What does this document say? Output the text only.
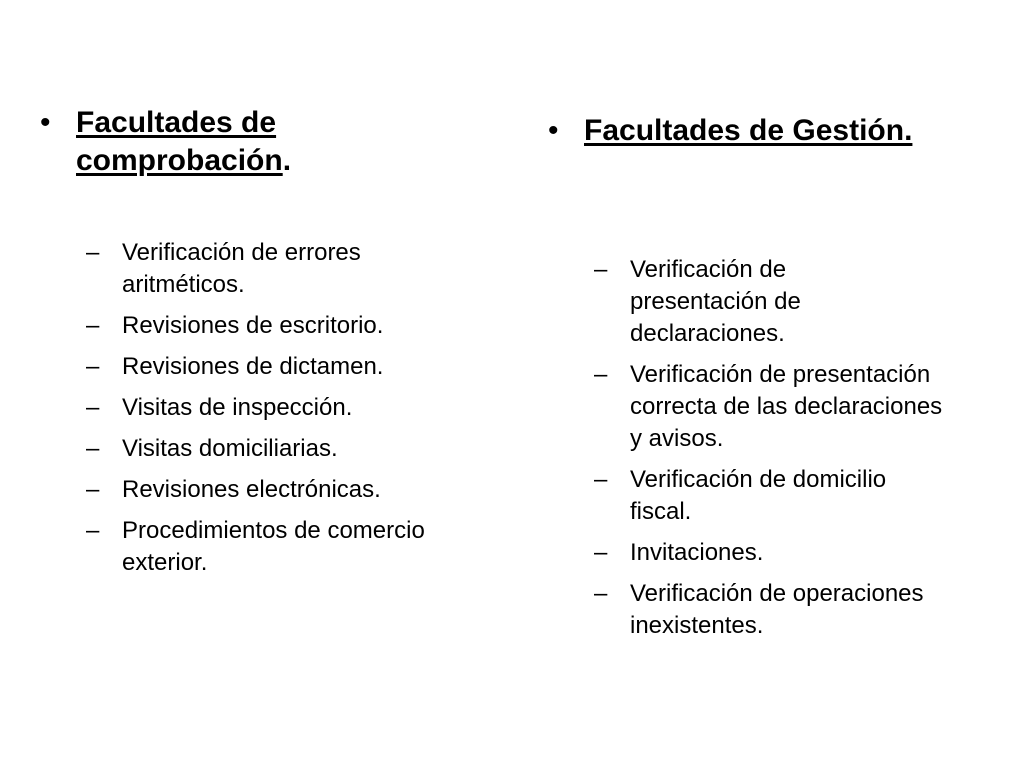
• Facultades de
comprobación.
– Verificación de errores aritméticos.
– Revisiones de escritorio.
– Revisiones de dictamen.
– Visitas de inspección.
– Visitas domiciliarias.
– Revisiones electrónicas.
– Procedimientos de comercio exterior.
• Facultades de Gestión.
– Verificación de presentación de declaraciones.
– Verificación de presentación correcta de las declaraciones y avisos.
– Verificación de domicilio fiscal.
– Invitaciones.
– Verificación de operaciones inexistentes.
